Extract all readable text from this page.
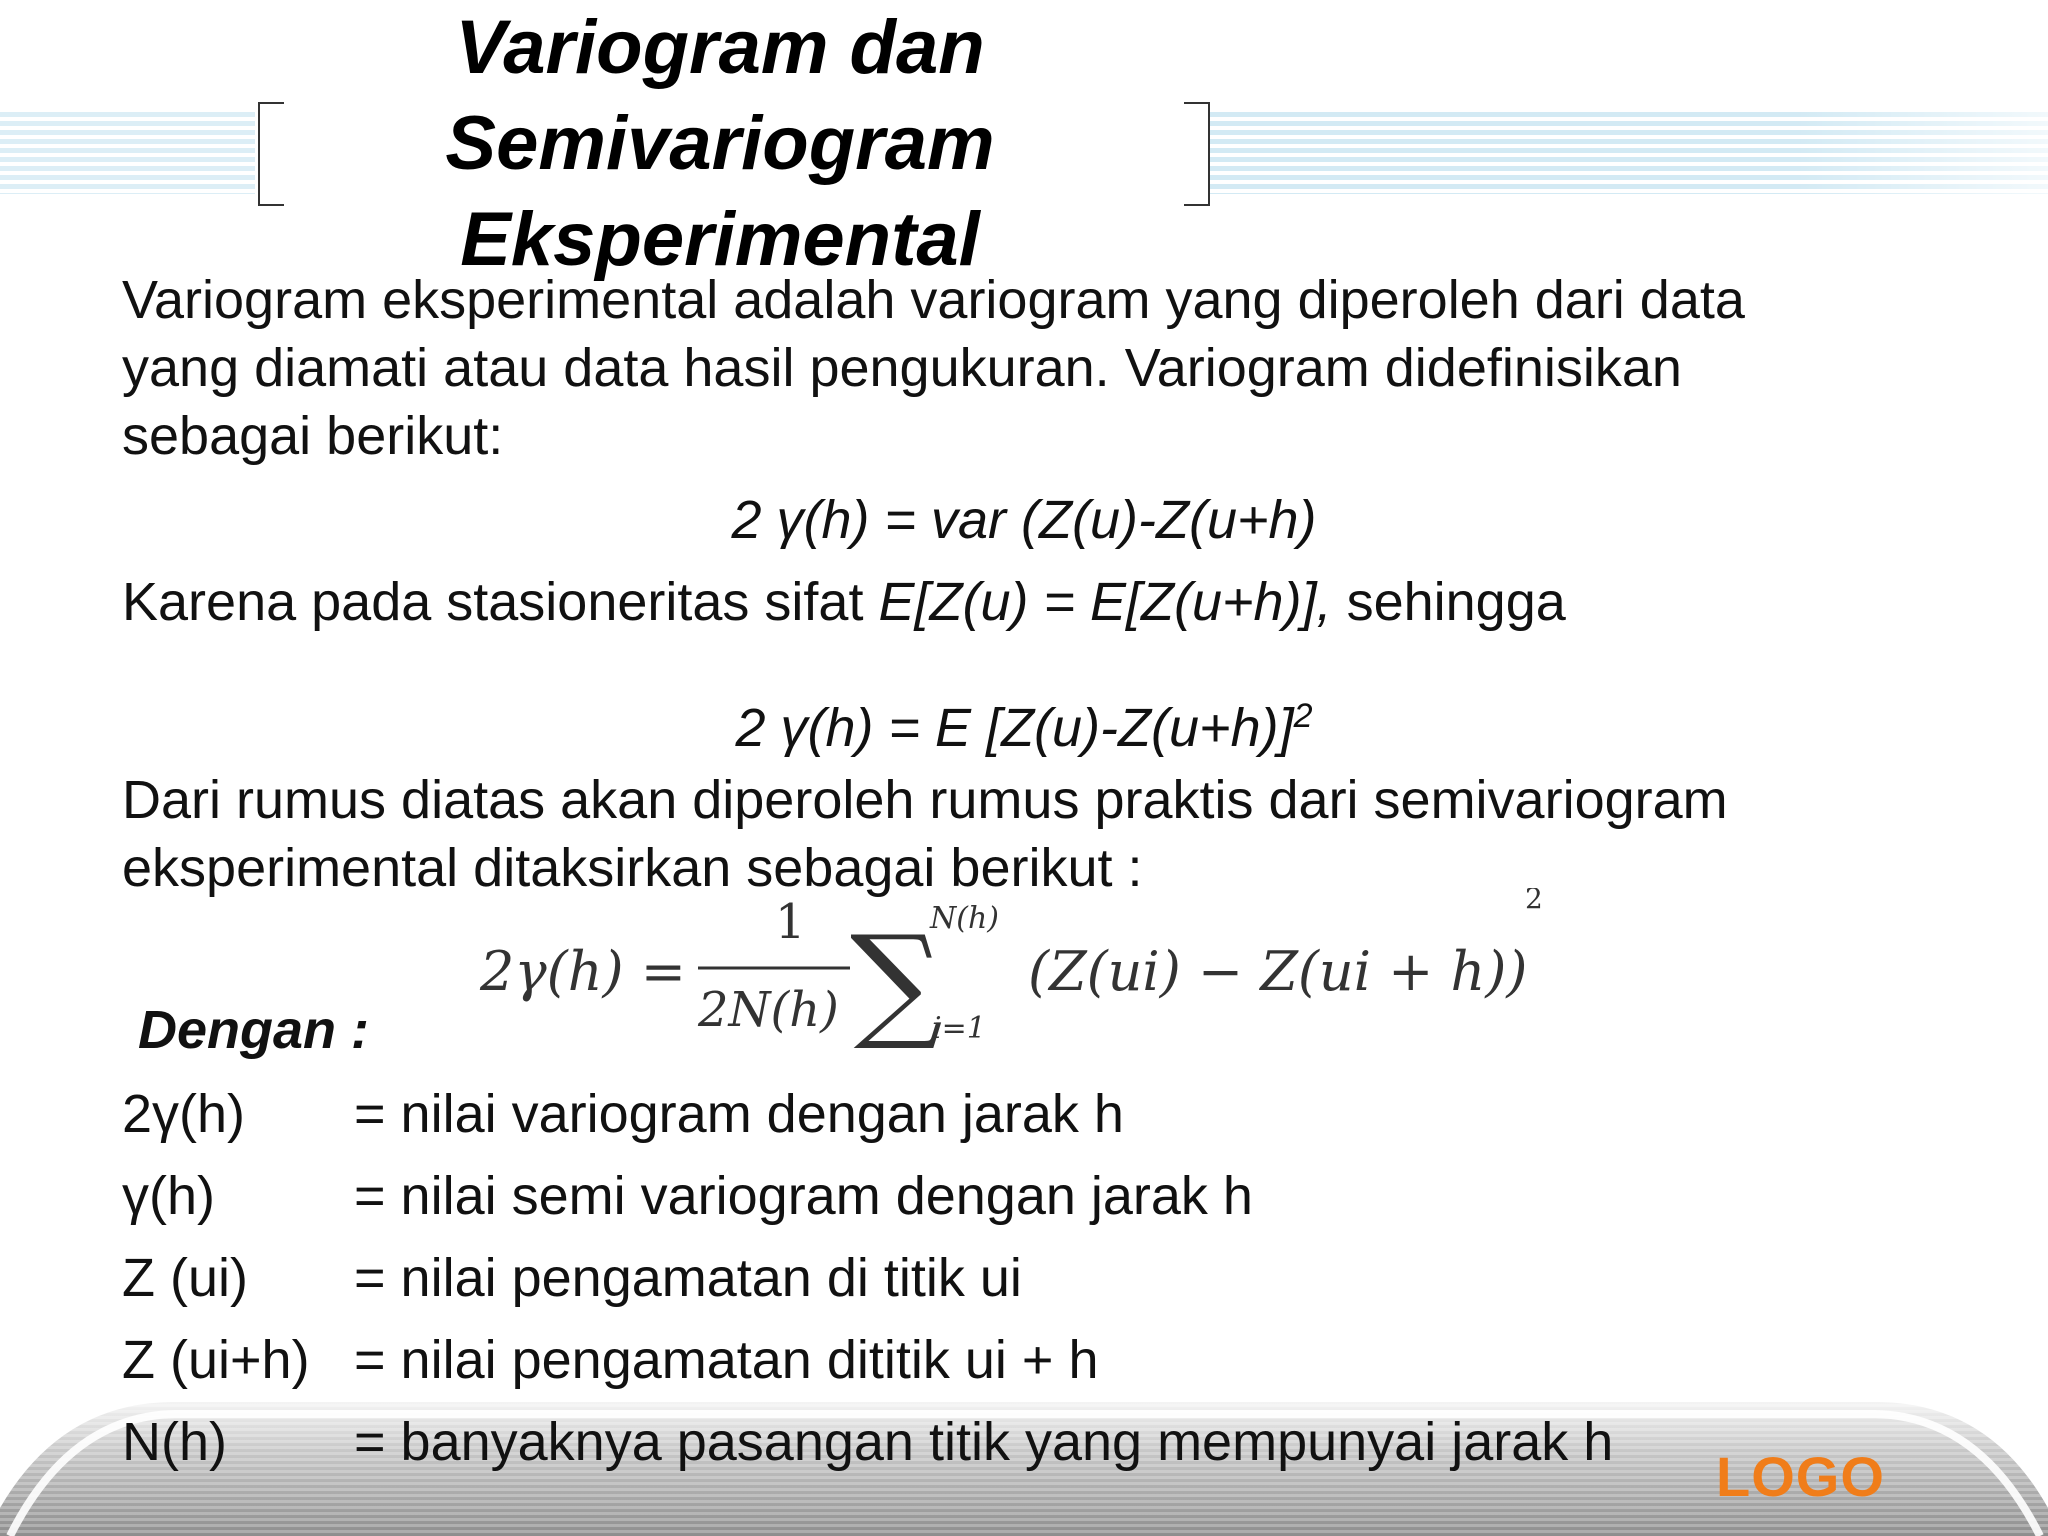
Variogram dan
Semivariogram
Eksperimental
Variogram eksperimental adalah variogram yang diperoleh dari data
yang diamati atau data hasil pengukuran. Variogram didefinisikan
sebagai berikut:
2 γ(h) = var (Z(u)-Z(u+h)
Karena pada stasioneritas sifat E[Z(u) = E[Z(u+h)], sehingga
2 γ(h) = E $[Z(u)-Z(u+h)]^2$
Dari rumus diatas akan diperoleh rumus praktis dari semivariogram
eksperimental ditaksirkan sebagai berikut :
2γ(h) =
1
2N(h) ∑
N(h)
i=1
(Z(ui) − Z(ui + h))
2
Dengan :
2γ(h) = nilai variogram dengan jarak h
γ(h)	= nilai semi variogram dengan jarak h
Z (ui) = nilai pengamatan di titik ui
Z (ui+h) = nilai pengamatan dititik ui + h
N(h) = banyaknya pasangan titik yang mempunyai jarak h
LOGO
